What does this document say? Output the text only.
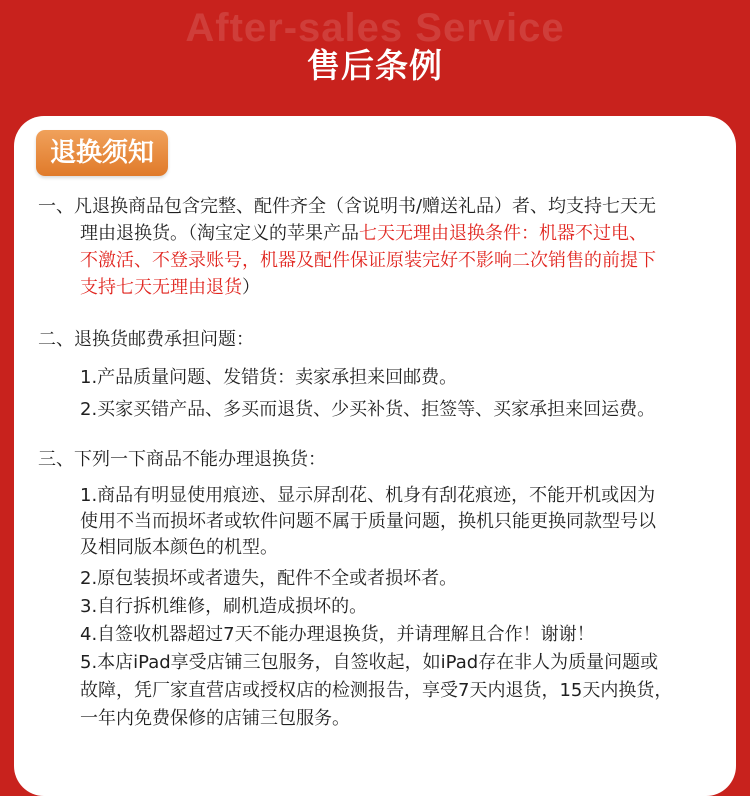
After-sales Service
售后条例
退换须知
一、凡退换商品包含完整、配件齐全（含说明书/赠送礼品）者、均支持七天无
理由退换货。（淘宝定义的苹果产品七天无理由退换条件：机器不过电、
不激活、不登录账号，机器及配件保证原装完好不影响二次销售的前提下
支持七天无理由退货）
二、退换货邮费承担问题：
1.产品质量问题、发错货：卖家承担来回邮费。
2.买家买错产品、多买而退货、少买补货、拒签等、买家承担来回运费。
三、下列一下商品不能办理退换货：
1.商品有明显使用痕迹、显示屏刮花、机身有刮花痕迹，不能开机或因为
使用不当而损坏者或软件问题不属于质量问题，换机只能更换同款型号以
及相同版本颜色的机型。
2.原包装损坏或者遗失，配件不全或者损坏者。
3.自行拆机维修，刷机造成损坏的。
4.自签收机器超过7天不能办理退换货，并请理解且合作！谢谢！
5.本店iPad享受店铺三包服务，自签收起，如iPad存在非人为质量问题或
故障，凭厂家直营店或授权店的检测报告，享受7天内退货，15天内换货，
一年内免费保修的店铺三包服务。
